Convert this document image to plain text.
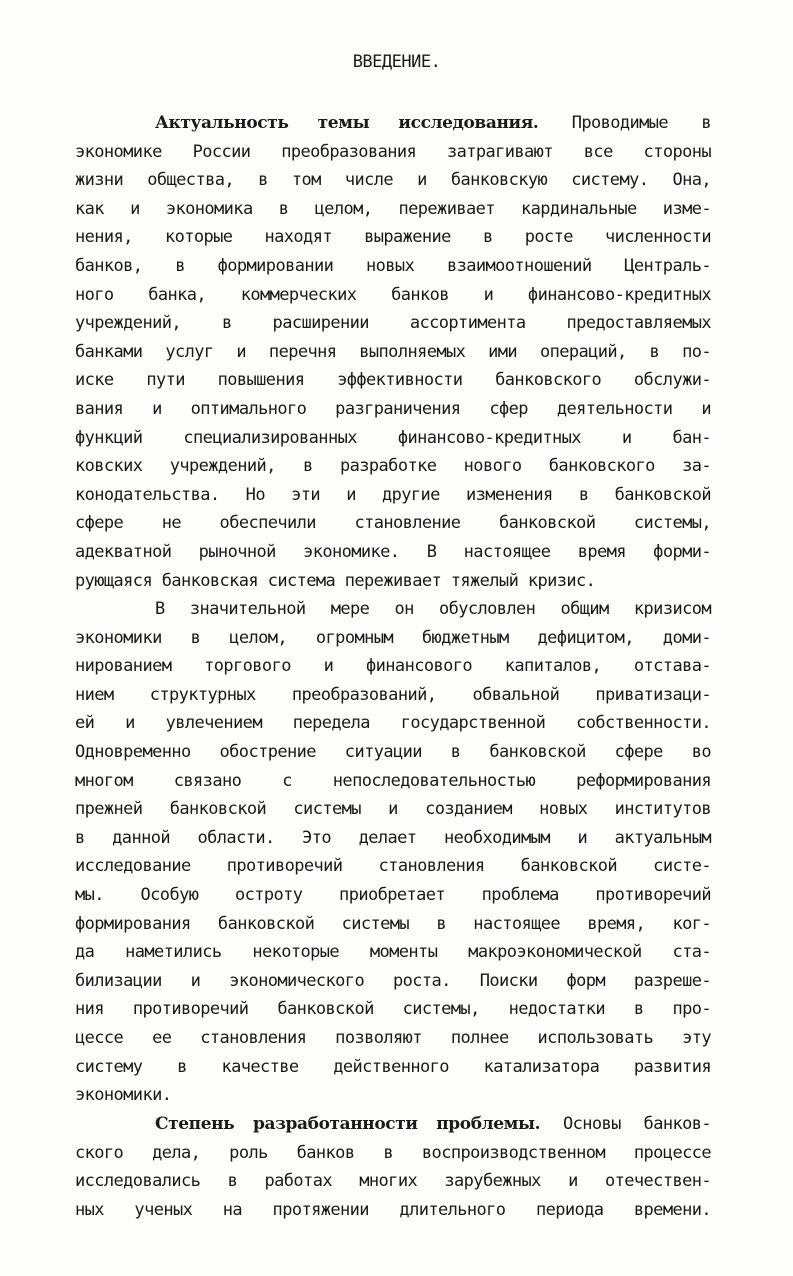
ВВЕДЕНИЕ.
Актуальность темы исследования. Проводимые в
экономике России преобразования затрагивают все стороны
жизни общества, в том числе и банковскую систему. Она,
как и экономика в целом, переживает кардинальные изме-
нения, которые находят выражение в росте численности
банков, в формировании новых взаимоотношений Централь-
ного банка, коммерческих банков и финансово-кредитных
учреждений, в расширении ассортимента предоставляемых
банками услуг и перечня выполняемых ими операций, в по-
иске пути повышения эффективности банковского обслужи-
вания и оптимального разграничения сфер деятельности и
функций специализированных финансово-кредитных и бан-
ковских учреждений, в разработке нового банковского за-
конодательства. Но эти и другие изменения в банковской
сфере не обеспечили становление банковской системы,
адекватной рыночной экономике. В настоящее время форми-
рующаяся банковская система переживает тяжелый кризис.
В значительной мере он обусловлен общим кризисом
экономики в целом, огромным бюджетным дефицитом, доми-
нированием торгового и финансового капиталов, отстава-
нием структурных преобразований, обвальной приватизаци-
ей и увлечением передела государственной собственности.
Одновременно обострение ситуации в банковской сфере во
многом связано с непоследовательностью реформирования
прежней банковской системы и созданием новых институтов
в данной области. Это делает необходимым и актуальным
исследование противоречий становления банковской систе-
мы. Особую остроту приобретает проблема противоречий
формирования банковской системы в настоящее время, ког-
да наметились некоторые моменты макроэкономической ста-
билизации и экономического роста. Поиски форм разреше-
ния противоречий банковской системы, недостатки в про-
цессе ее становления позволяют полнее использовать эту
систему в качестве действенного катализатора развития
экономики.
Степень разработанности проблемы. Основы банков-
ского дела, роль банков в воспроизводственном процессе
исследовались в работах многих зарубежных и отечествен-
ных ученых на протяжении длительного периода времени.
